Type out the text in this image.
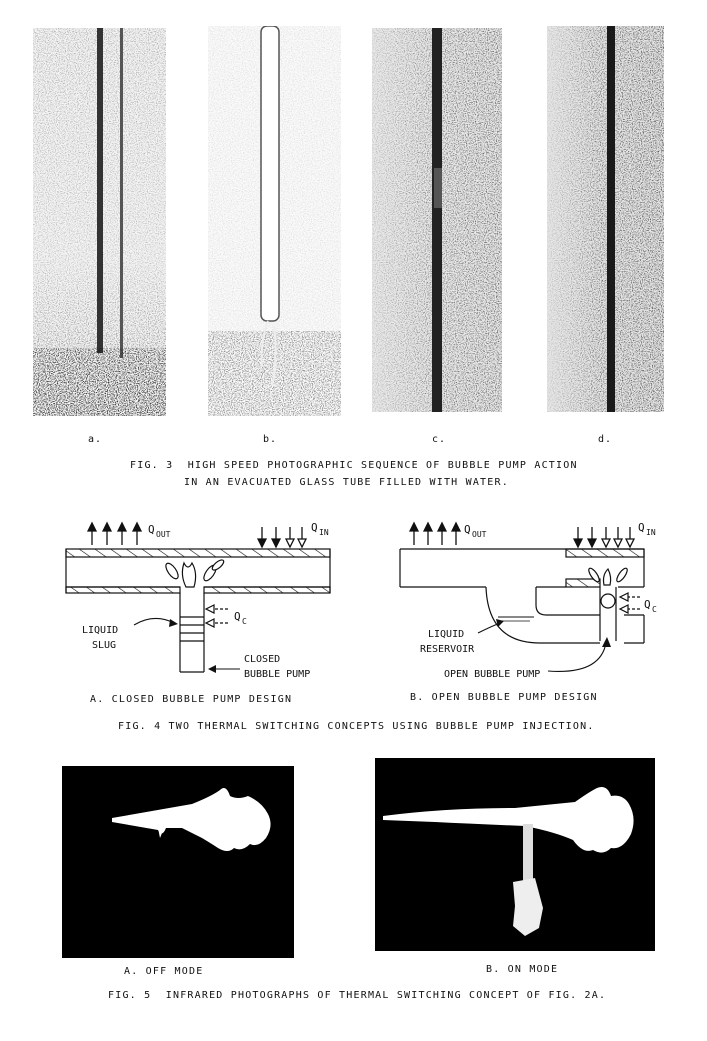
a.	b.	c.	d.
FIG. 3  HIGH SPEED PHOTOGRAPHIC SEQUENCE OF BUBBLE PUMP ACTION
IN AN EVACUATED GLASS TUBE FILLED WITH WATER.
Q OUT
Q IN
Q C
LIQUID
SLUG
CLOSED
BUBBLE PUMP
Q OUT
Q IN
Q C
LIQUID
RESERVOIR
OPEN BUBBLE PUMP
A. CLOSED BUBBLE PUMP DESIGN	B. OPEN BUBBLE PUMP DESIGN
FIG. 4 TWO THERMAL SWITCHING CONCEPTS USING BUBBLE PUMP INJECTION.
A. OFF MODE	B. ON MODE
FIG. 5  INFRARED PHOTOGRAPHS OF THERMAL SWITCHING CONCEPT OF FIG. 2A.
